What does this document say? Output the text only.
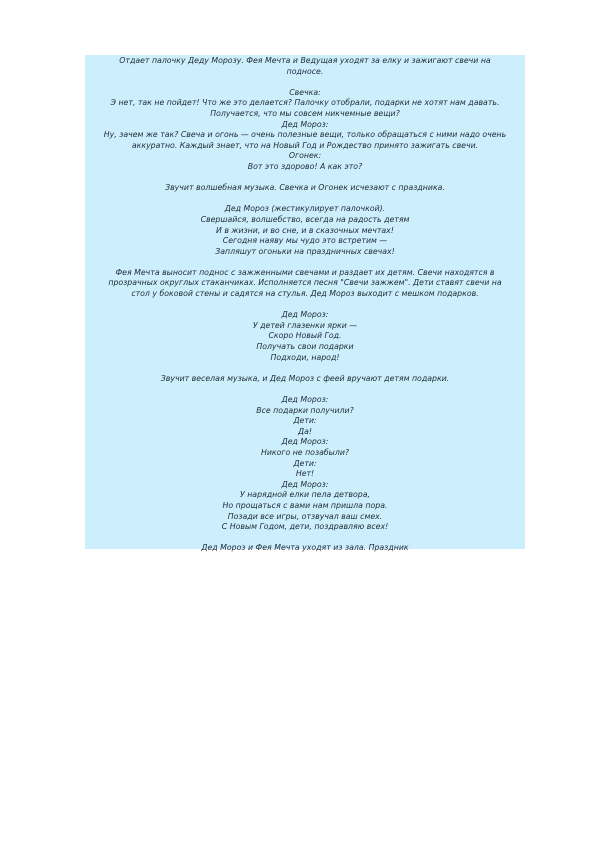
Отдает палочку Деду Морозу. Фея Мечта и Ведущая уходят за елку и зажигают свечи на
подносе.
Свечка:
Э нет, так не пойдет! Что же это делается? Палочку отобрали, подарки не хотят нам давать.
Получается, что мы совсем никчемные вещи?
Дед Мороз:
Ну, зачем же так? Свеча и огонь — очень полезные вещи, только обращаться с ними надо очень
аккуратно. Каждый знает, что на Новый Год и Рождество принято зажигать свечи.
Огонек:
Вот это здорово! А как это?
Звучит волшебная музыка. Свечка и Огонек исчезают с праздника.
Дед Мороз (жестикулирует палочкой).
Свершайся, волшебство, всегда на радость детям
И в жизни, и во сне, и в сказочных мечтах!
Сегодня наяву мы чудо это встретим —
Запляшут огоньки на праздничных свечах!
Фея Мечта выносит поднос с зажженными свечами и раздает их детям. Свечи находятся в
прозрачных округлых стаканчиках. Исполняется песня "Свечи зажжем". Дети ставят свечи на
стол у боковой стены и садятся на стулья. Дед Мороз выходит с мешком подарков.
Дед Мороз:
У детей глазенки ярки —
Скоро Новый Год.
Получать свои подарки
Подходи, народ!
Звучит веселая музыка, и Дед Мороз с феей вручают детям подарки.
Дед Мороз:
Все подарки получили?
Дети:
Да!
Дед Мороз:
Никого не позабыли?
Дети:
Нет!
Дед Мороз:
У нарядной елки пела детвора,
Но прощаться с вами нам пришла пора.
Позади все игры, отзвучал ваш смех.
С Новым Годом, дети, поздравляю всех!
Дед Мороз и Фея Мечта уходят из зала. Праздник
